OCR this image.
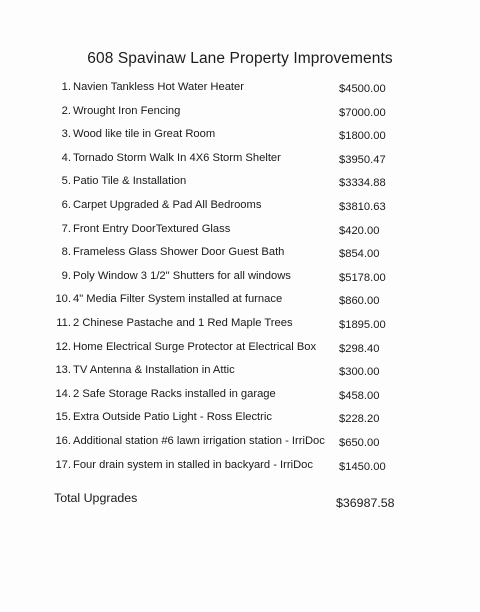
608 Spavinaw Lane Property Improvements
1. Navien Tankless Hot Water Heater	$4500.00
2. Wrought Iron Fencing	$7000.00
3. Wood like tile in Great Room	$1800.00
4. Tornado Storm Walk In 4X6 Storm Shelter	$3950.47
5. Patio Tile & Installation	$3334.88
6. Carpet Upgraded & Pad All Bedrooms	$3810.63
7. Front Entry DoorTextured Glass	$420.00
8. Frameless Glass Shower Door Guest Bath	$854.00
9. Poly Window 3 1/2" Shutters for all windows	$5178.00
10. 4" Media Filter System installed at furnace	$860.00
11. 2 Chinese Pastache and 1 Red Maple Trees	$1895.00
12. Home Electrical Surge Protector at Electrical Box $298.40
13. TV Antenna & Installation in Attic	$300.00
14. 2 Safe Storage Racks installed in garage	$458.00
15. Extra Outside Patio Light - Ross Electric	$228.20
16. Additional station #6 lawn irrigation station - IrriDoc $650.00
17. Four drain system in stalled in backyard - IrriDoc $1450.00
Total Upgrades	$36987.58
